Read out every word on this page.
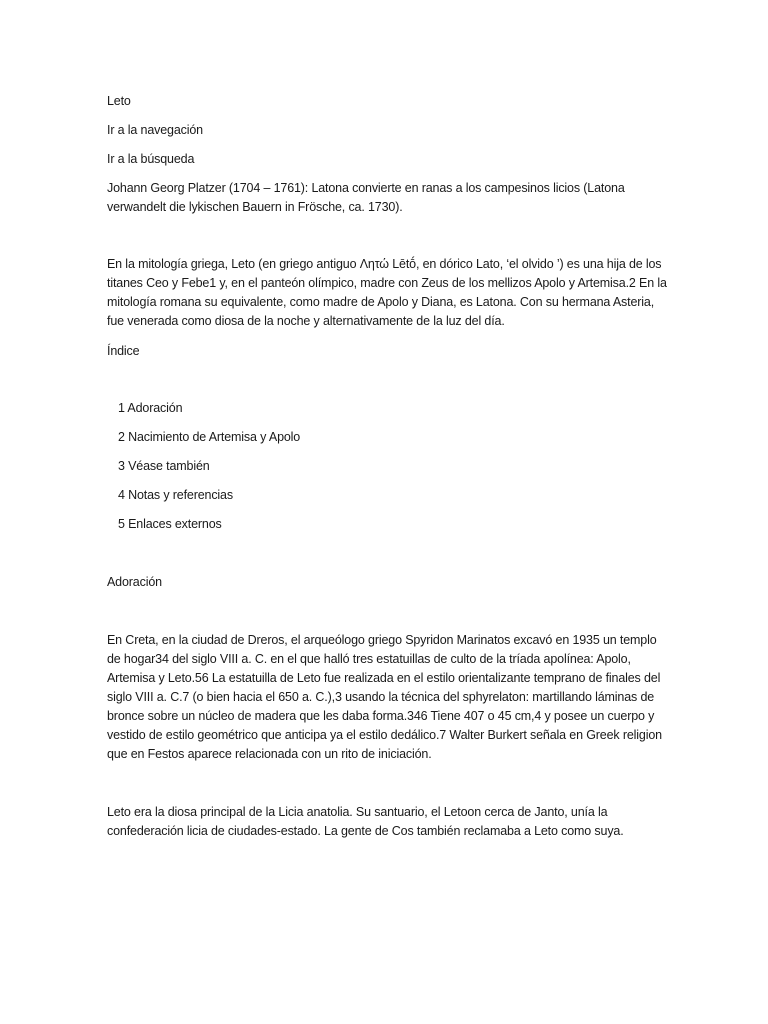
Leto

Ir a la navegación

Ir a la búsqueda

Johann Georg Platzer (1704 – 1761): Latona convierte en ranas a los campesinos licios (Latona verwandelt die lykischen Bauern in Frösche, ca. 1730).

En la mitología griega, Leto (en griego antiguo Λητώ Lētṓ, en dórico Lato, ‘el olvido ’) es una hija de los titanes Ceo y Febe1 y, en el panteón olímpico, madre con Zeus de los mellizos Apolo y Artemisa.2 En la mitología romana su equivalente, como madre de Apolo y Diana, es Latona. Con su hermana Asteria, fue venerada como diosa de la noche y alternativamente de la luz del día.

Índice

1 Adoración

2 Nacimiento de Artemisa y Apolo

3 Véase también

4 Notas y referencias

5 Enlaces externos

Adoración

En Creta, en la ciudad de Dreros, el arqueólogo griego Spyridon Marinatos excavó en 1935 un templo de hogar34 del siglo VIII a. C. en el que halló tres estatuillas de culto de la tríada apolínea: Apolo, Artemisa y Leto.56 La estatuilla de Leto fue realizada en el estilo orientalizante temprano de finales del siglo VIII a. C.7 (o bien hacia el 650 a. C.),3 usando la técnica del sphyrelaton: martillando láminas de bronce sobre un núcleo de madera que les daba forma.346 Tiene 407 o 45 cm,4 y posee un cuerpo y vestido de estilo geométrico que anticipa ya el estilo dedálico.7 Walter Burkert señala en Greek religion que en Festos aparece relacionada con un rito de iniciación.

Leto era la diosa principal de la Licia anatolia. Su santuario, el Letoon cerca de Janto, unía la confederación licia de ciudades-estado. La gente de Cos también reclamaba a Leto como suya.
